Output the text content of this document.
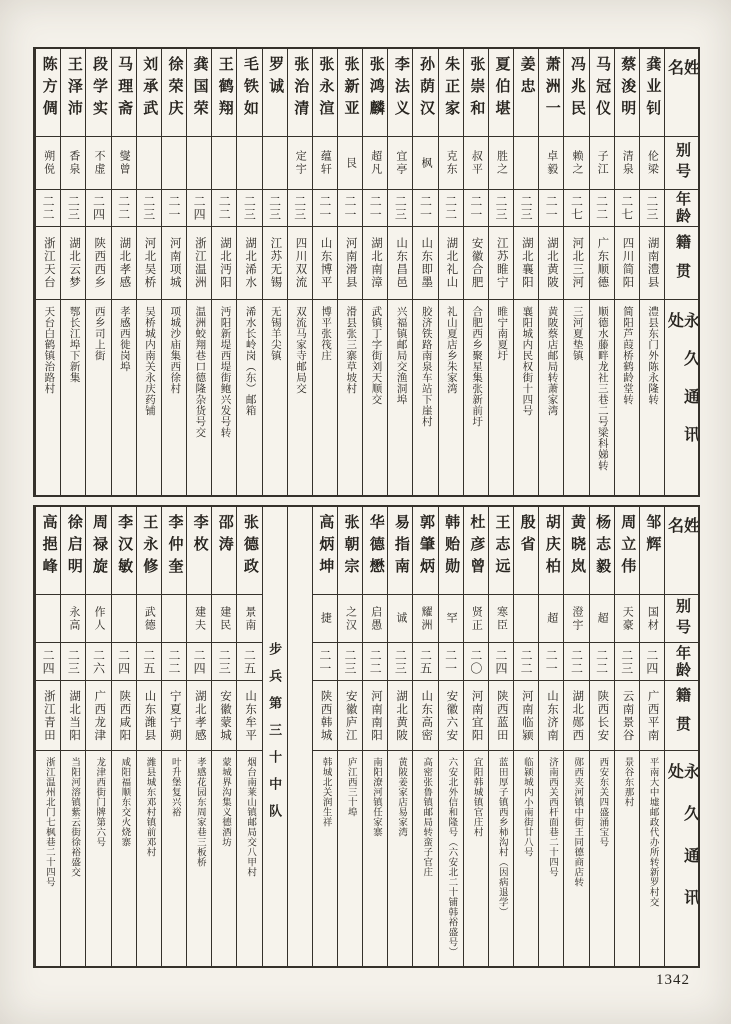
姓名
别号
年龄
籍贯
永久通讯处
龚业钊
伦梁
二三
湖南澧县
澧县东门外陈永隆转
蔡浚明
清泉
二七
四川简阳
简阳芦葭桥鹤龄堂转
马冠仪
子江
二二
广东顺德
顺德水藤畔龙社三巷二号梁科娣转
冯兆民
赖之
二七
河北三河
三河夏垫镇
萧洲一
卓毅
二一
湖北黄陂
黄陂蔡店邮局转萧家湾
姜忠
二三
湖北襄阳
襄阳城内民权街十四号
夏伯堪
胜之
二三
江苏睢宁
睢宁南夏圩
张崇和
叔平
二一
安徽合肥
合肥西乡聚星集张新前圩
朱正家
克东
二二
湖北礼山
礼山夏店乡朱家湾
孙荫汉
枫
二一
山东即墨
胶济铁路南泉车站下崖村
李法义
宜亭
二三
山东昌邑
兴福镇邮局交渔洞埠
张鸿麟
超凡
二一
湖北南漳
武镇丁字街刘天顺交
张新亚
艮
二一
河南滑县
滑县张三寨草坡村
张永渲
蕴轩
二一
山东博平
博平张筏庄
张治清
定宇
二三
四川双流
双流马家寺邮局交
罗诚
二三
江苏无锡
无锡羊尖镇
毛铁如
二三
湖北浠水
浠水长岭岗（东）邮箱
王鹤翔
二二
湖北沔阳
沔阳新堤西堤街鲍兴发号转
龚国荣
二四
浙江温洲
温洲蛟翔巷口德隆杂货号交
徐荣庆
二一
河南项城
项城沙庙集西徐村
刘承武
二三
河北吴桥
吴桥城内南关永庆药铺
马理斋
燮曾
二二
湖北孝感
孝感西徙岗埠
段学实
不虚
二四
陕西西乡
西乡司上街
王泽沛
香泉
二三
湖北云梦
鄂长江埠下新集
陈方倜
朔侻
二二
浙江天台
天台白鹤镇治路村
姓名
别号
年龄
籍贯
永久通讯处
邹辉
国材
二四
广西平南
平南大中墟邮政代办所转新罗村交
周立伟
天豪
二三
云南景谷
景谷东那村
杨志毅
超
二二
陕西长安
西安东关四盛涌宝号
黄晓岚
澄宇
二二
湖北郧西
郧西夹河镇中街王同德商店转
胡庆柏
超
二一
山东济南
济南西关西杆面巷二十四号
殷省
二二
河南临颍
临颍城内小南街廿八号
王志远
寒臣
二四
陕西蓝田
蓝田厚子镇西乡柿沟村（因病退学）
杜彦曾
贤正
二〇
河南宜阳
宜阳韩城镇官庄村
韩贻勋
罕
二一
安徽六安
六安北外信和隆号（六安北二十铺韩裕盛号）
郭肇炳
耀洲
二五
山东高密
高密张鲁镇邮局转蛮子官庄
易指南
诚
二三
湖北黄陂
黄陂姜家店易家湾
华德懋
启愚
二二
河南南阳
南阳潦河镇任家寨
张朝宗
之汉
二三
安徽庐江
庐江西三十埠
高炳坤
捷
二一
陕西韩城
韩城北关润生祥
步兵第三十中队
张德政
景南
二五
山东牟平
烟台南莱山镇邮局交八甲村
邵涛
建民
二三
安徽蒙城
蒙城界沟集义德酒坊
李枚
建夫
二四
湖北孝感
孝感花园东周家巷三板桥
李仲奎
二二
宁夏宁朔
叶升堡复兴裕
王永修
武德
二五
山东潍县
潍县城东邓村镇前邓村
李汉敏
二四
陕西咸阳
咸阳福顺东交火烧寨
周禄旋
作人
二六
广西龙津
龙津西街门牌第六号
徐启明
永高
二三
湖北当阳
当阳河溶镇紫云街徐裕盛交
高挹峰
二四
浙江青田
浙江温州北门七枫巷二十四号
1342
